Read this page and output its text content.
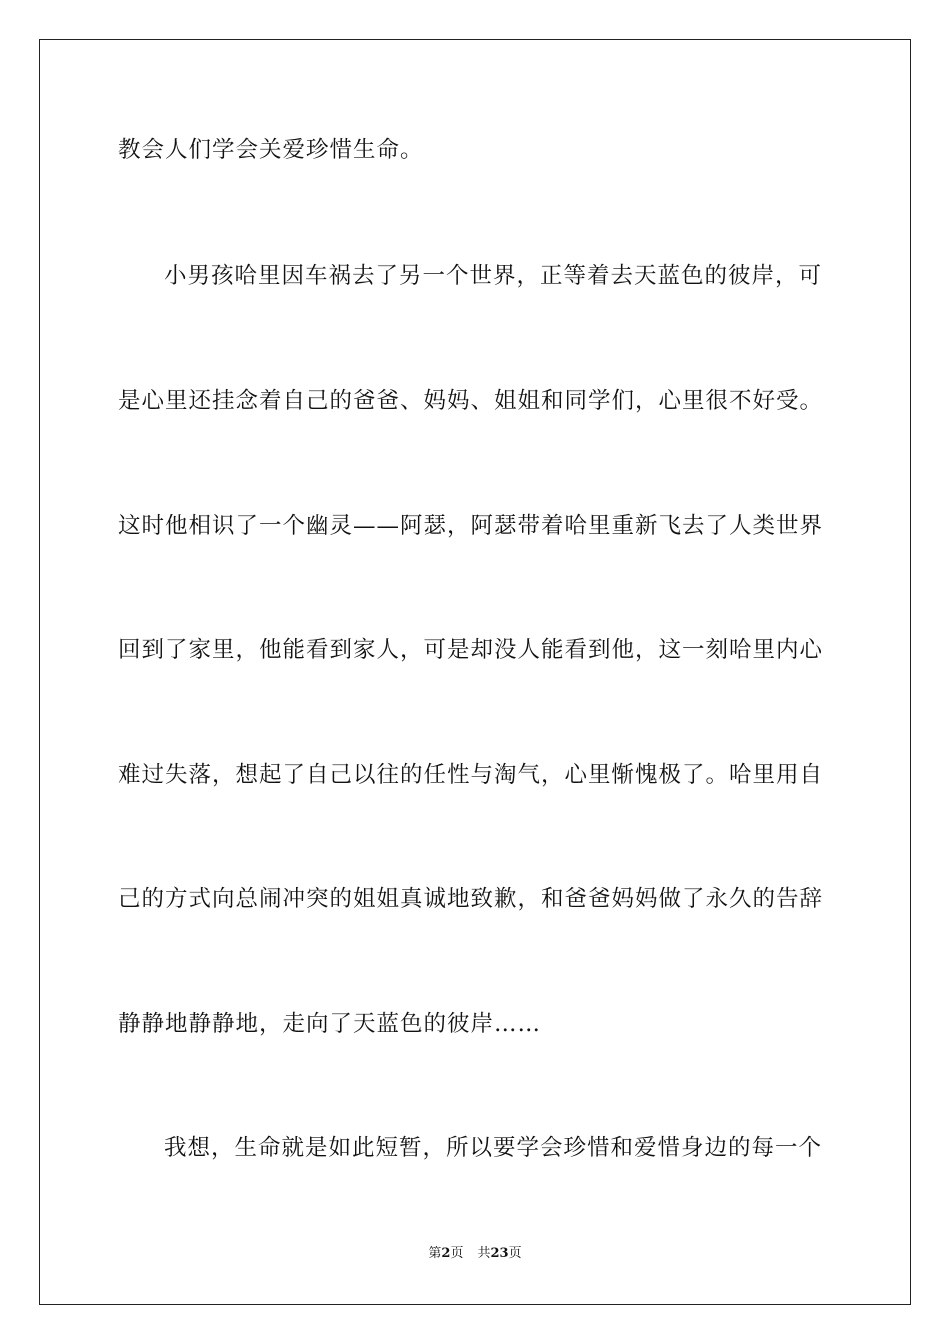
教会人们学会关爱珍惜生命。
小男孩哈里因车祸去了另一个世界，正等着去天蓝色的彼岸，可
是心里还挂念着自己的爸爸、妈妈、姐姐和同学们，心里很不好受。
这时他相识了一个幽灵——阿瑟，阿瑟带着哈里重新飞去了人类世界
回到了家里，他能看到家人，可是却没人能看到他，这一刻哈里内心
难过失落，想起了自己以往的任性与淘气，心里惭愧极了。哈里用自
己的方式向总闹冲突的姐姐真诚地致歉，和爸爸妈妈做了永久的告辞
静静地静静地，走向了天蓝色的彼岸……
我想，生命就是如此短暂，所以要学会珍惜和爱惜身边的每一个
第2页 共23页
